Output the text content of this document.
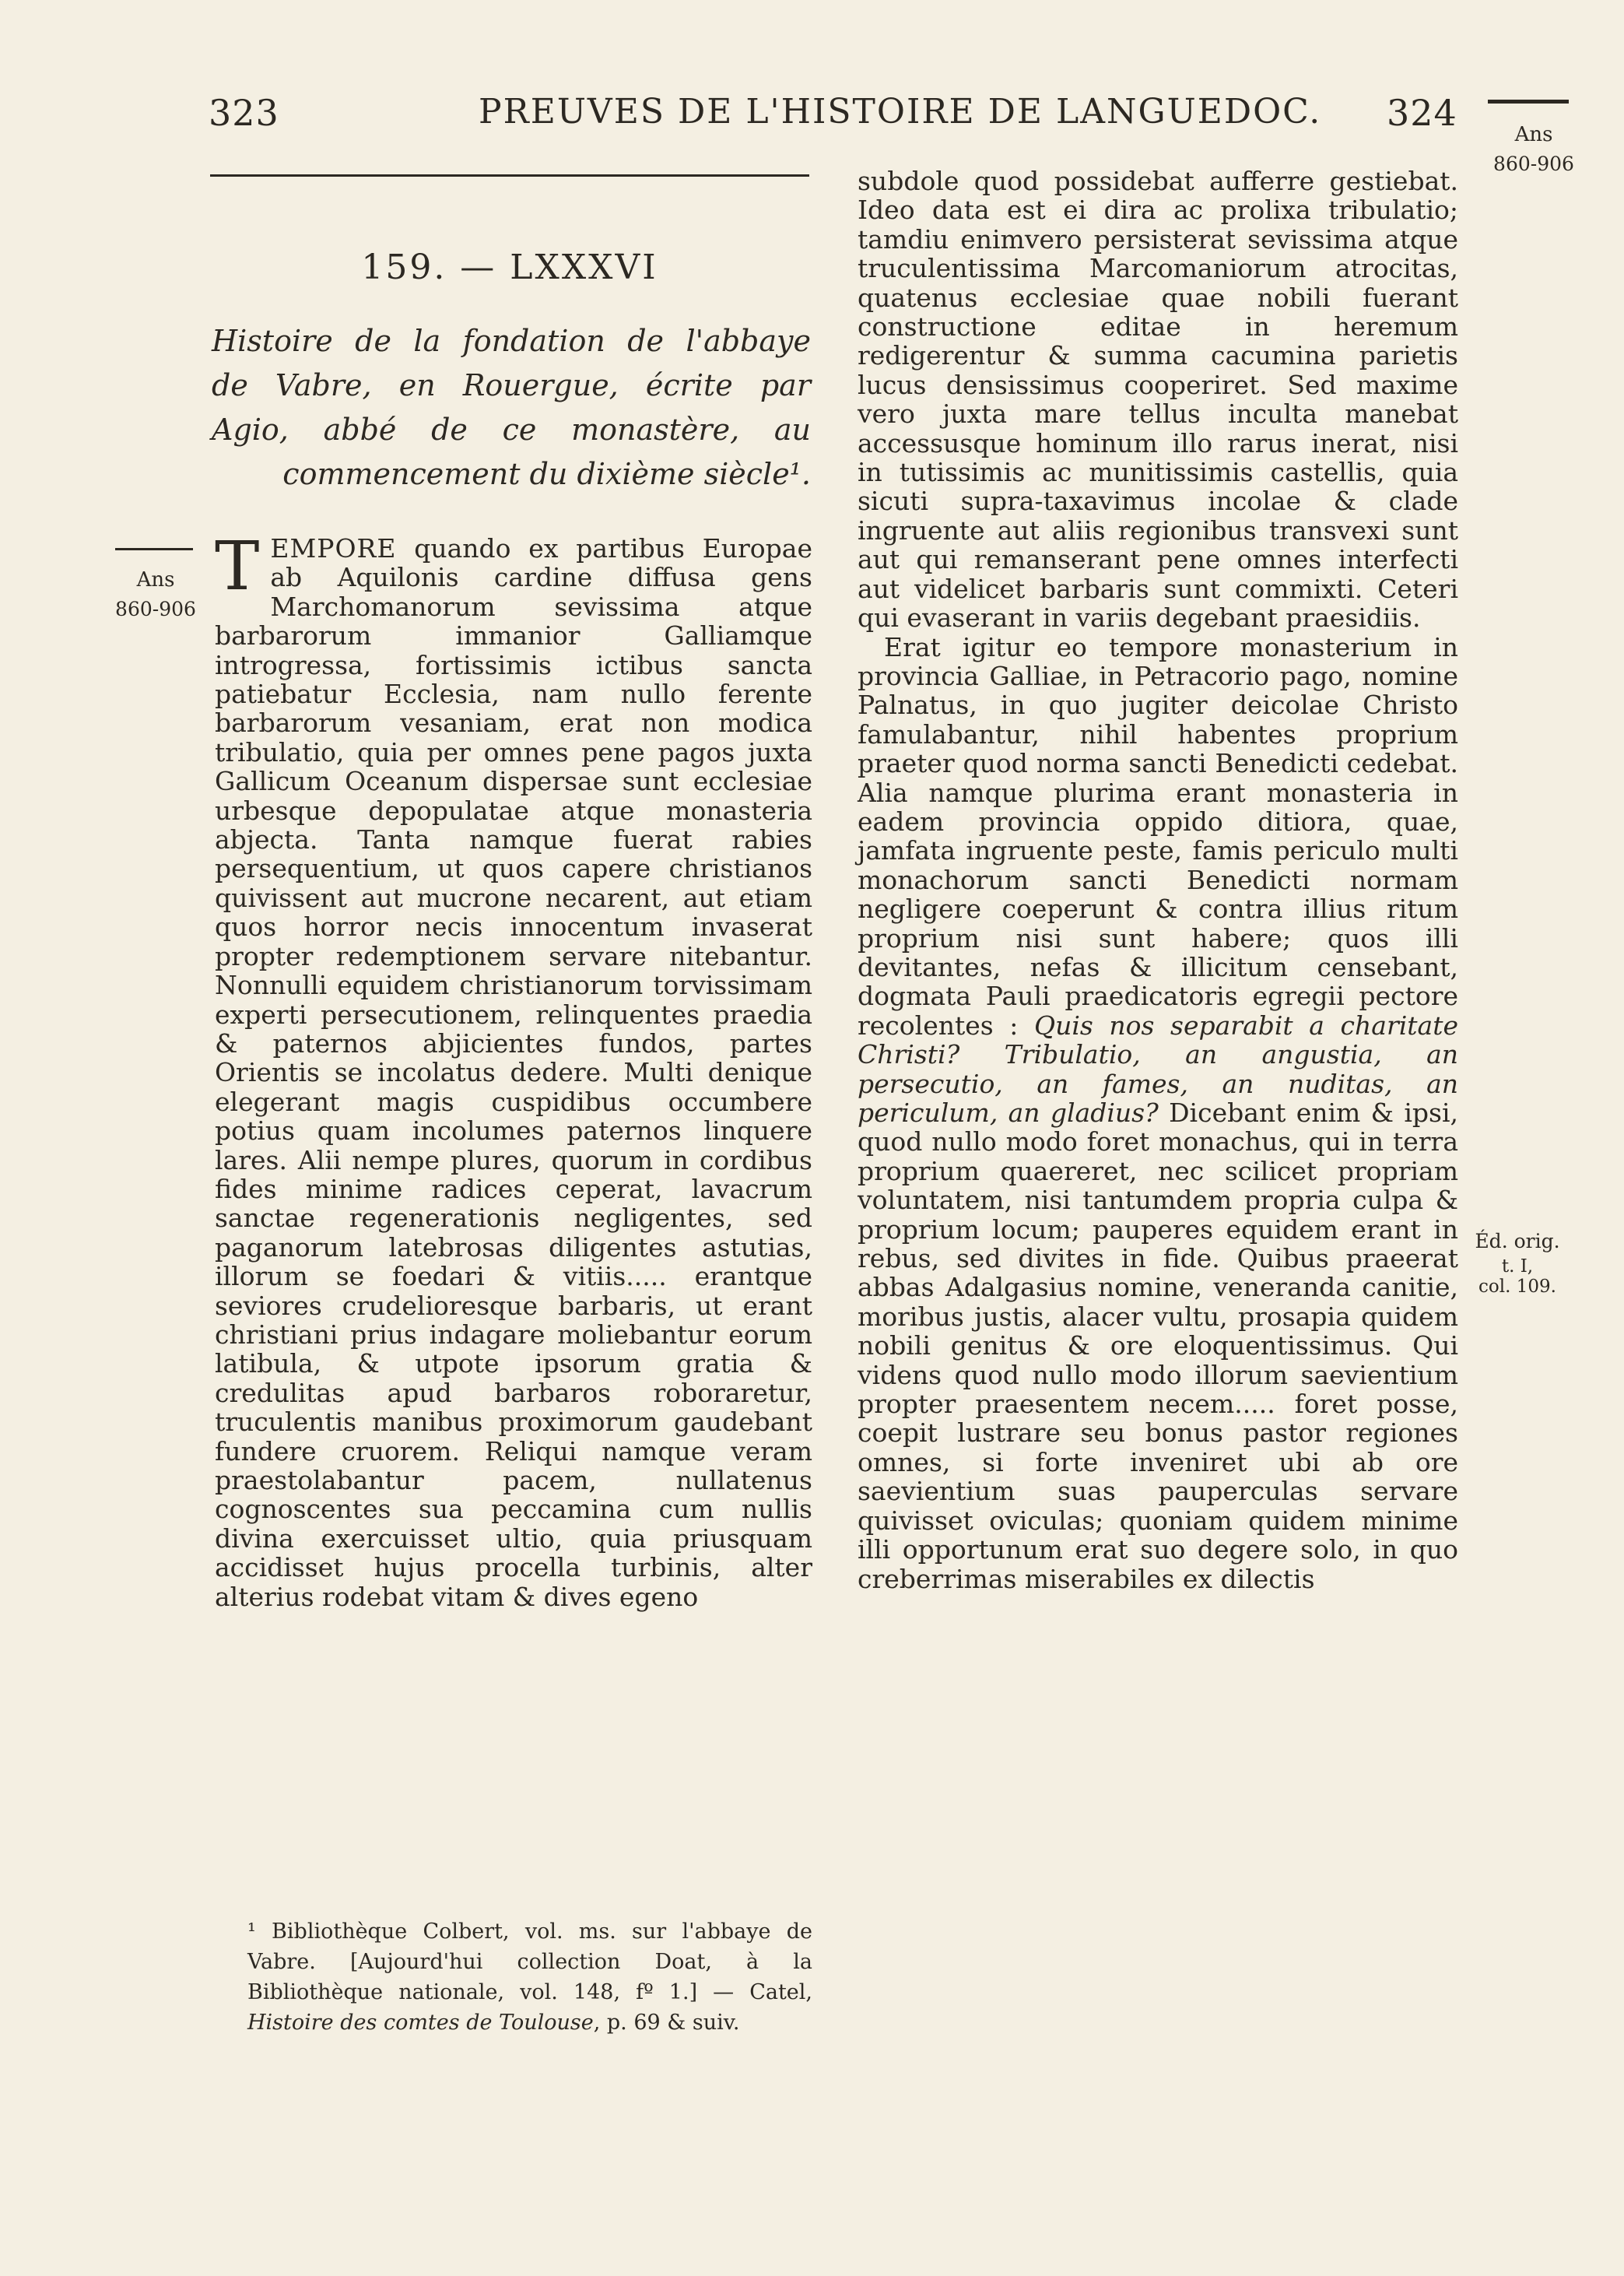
323	PREUVES DE L'HISTOIRE DE LANGUEDOC. 324
Ans
860-906
159. — LXXXVI
Histoire de la fondation de l'abbaye
de Vabre, en Rouergue, écrite par
Agio, abbé de ce monastère, au
commencement du dixième siècle¹.
Ans
860-906

TEMPORE quando ex partibus Europae ab Aquilonis cardine diffusa gens Marchomanorum sevissima atque barbarorum immanior Galliamque introgressa, fortissimis ictibus sancta patiebatur Ecclesia, nam nullo ferente barbarorum vesaniam, erat non modica tribulatio, quia per omnes pene pagos juxta Gallicum Oceanum dispersae sunt ecclesiae urbesque depopulatae atque monasteria abjecta. Tanta namque fuerat rabies persequentium, ut quos capere christianos quivissent aut mucrone necarent, aut etiam quos horror necis innocentum invaserat propter redemptionem servare nitebantur. Nonnulli equidem christianorum torvissimam experti persecutionem, relinquentes praedia & paternos abjicientes fundos, partes Orientis se incolatus dedere. Multi denique elegerant magis cuspidibus occumbere potius quam incolumes paternos linquere lares. Alii nempe plures, quorum in cordibus fides minime radices ceperat, lavacrum sanctae regenerationis negligentes, sed paganorum latebrosas diligentes astutias, illorum se foedari & vitiis..... erantque seviores crudelioresque barbaris, ut erant christiani prius indagare moliebantur eorum latibula, & utpote ipsorum gratia & credulitas apud barbaros roboraretur, truculentis manibus proximorum gaudebant fundere cruorem. Reliqui namque veram praestolabantur pacem, nullatenus cognoscentes sua peccamina cum nullis divina exercuisset ultio, quia priusquam accidisset hujus procella turbinis, alter alterius rodebat vitam & dives egeno

¹ Bibliothèque Colbert, vol. ms. sur l'abbaye de Vabre. [Aujourd'hui collection Doat, à la Bibliothèque nationale, vol. 148, fº 1.] — Catel, Histoire des comtes de Toulouse, p. 69 & suiv.

subdole quod possidebat aufferre gestiebat. Ideo data est ei dira ac prolixa tribulatio; tamdiu enimvero persisterat sevissima atque truculentissima Marcomaniorum atrocitas, quatenus ecclesiae quae nobili fuerant constructione editae in heremum redigerentur & summa cacumina parietis lucus densissimus cooperiret. Sed maxime vero juxta mare tellus inculta manebat accessusque hominum illo rarus inerat, nisi in tutissimis ac munitissimis castellis, quia sicuti supra-taxavimus incolae & clade ingruente aut aliis regionibus transvexi sunt aut qui remanserant pene omnes interfecti aut videlicet barbaris sunt commixti. Ceteri qui evaserant in variis degebant praesidiis.

Erat igitur eo tempore monasterium in provincia Galliae, in Petracorio pago, nomine Palnatus, in quo jugiter deicolae Christo famulabantur, nihil habentes proprium praeter quod norma sancti Benedicti cedebat. Alia namque plurima erant monasteria in eadem provincia oppido ditiora, quae, jamfata ingruente peste, famis periculo multi monachorum sancti Benedicti normam negligere coeperunt & contra illius ritum proprium nisi sunt habere; quos illi devitantes, nefas & illicitum censebant, dogmata Pauli praedicatoris egregii pectore recolentes : Quis nos separabit a charitate Christi? Tribulatio, an angustia, an persecutio, an fames, an nuditas, an periculum, an gladius? Dicebant enim & ipsi, quod nullo modo foret monachus, qui in terra proprium quaereret, nec scilicet propriam voluntatem, nisi tantumdem propria culpa & proprium locum; pauperes equidem erant in rebus, sed divites in fide. Quibus praeerat abbas Adalgasius nomine, veneranda canitie, moribus justis, alacer vultu, prosapia quidem nobili genitus & ore eloquentissimus. Qui videns quod nullo modo illorum saevientium propter praesentem necem..... foret posse, coepit lustrare seu bonus pastor regiones omnes, si forte inveniret ubi ab ore saevientium suas pauperculas servare quivisset oviculas; quoniam quidem minime illi opportunum erat suo degere solo, in quo creberrimas miserabiles ex dilectis

Éd. orig.
t. I,
col. 109.
